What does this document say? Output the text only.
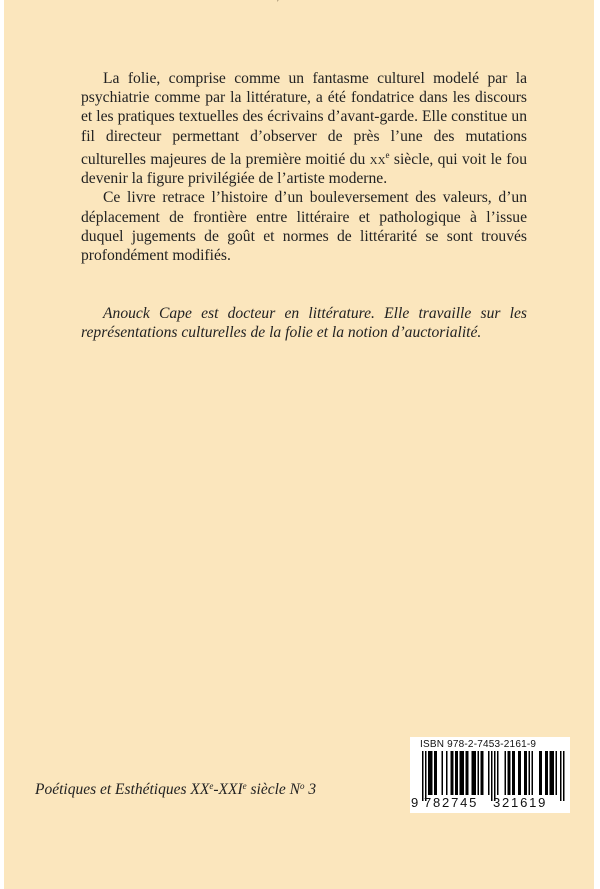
′

La folie, comprise comme un fantasme culturel modelé par la psychiatrie comme par la littérature, a été fondatrice dans les discours et les pratiques textuelles des écrivains d’avant-garde. Elle constitue un fil directeur permettant d’observer de près l’une des mutations culturelles majeures de la première moitié du $xx^e$ siècle, qui voit le fou devenir la figure privilégiée de l’artiste moderne.

Ce livre retrace l’histoire d’un bouleversement des valeurs, d’un déplacement de frontière entre littéraire et pathologique à l’issue duquel jugements de goût et normes de littérarité se sont trouvés profondément modifiés.

Anouck Cape est docteur en littérature. Elle travaille sur les représentations culturelles de la folie et la notion d’auctorialité.
Poétiques et Esthétiques XXe-XXIe siècle $N^o$ 3
ISBN 978-2-7453-2161-9
9 782745 321619
